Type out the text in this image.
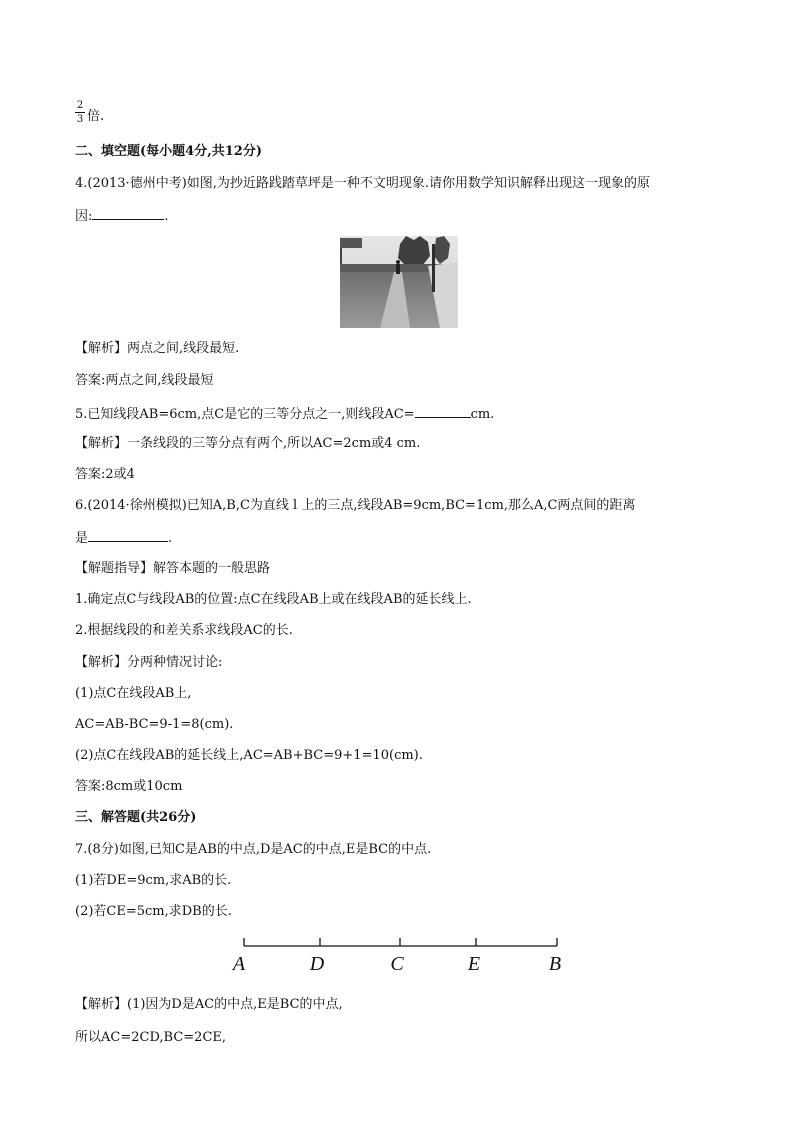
2
3 倍.
二、填空题(每小题4分,共12分)
4.(2013·德州中考)如图,为抄近路践踏草坪是一种不文明现象.请你用数学知识解释出现这一现象的原
因:	.
【解析】两点之间,线段最短.
答案:两点之间,线段最短
5.已知线段AB=6cm,点C是它的三等分点之一,则线段AC=	cm.
【解析】一条线段的三等分点有两个,所以AC=2cm或4 cm.
答案:2或4
6.(2014·徐州模拟)已知A,B,C为直线 l 上的三点,线段AB=9cm,BC=1cm,那么A,C两点间的距离
是	.
【解题指导】解答本题的一般思路
1.确定点C与线段AB的位置:点C在线段AB上或在线段AB的延长线上.
2.根据线段的和差关系求线段AC的长.
【解析】分两种情况讨论:
(1)点C在线段AB上,
AC=AB-BC=9-1=8(cm).
(2)点C在线段AB的延长线上,AC=AB+BC=9+1=10(cm).
答案:8cm或10cm
三、解答题(共26分)
7.(8分)如图,已知C是AB的中点,D是AC的中点,E是BC的中点.
(1)若DE=9cm,求AB的长.
(2)若CE=5cm,求DB的长.
A	D	C	E	B
【解析】(1)因为D是AC的中点,E是BC的中点,
所以AC=2CD,BC=2CE,
